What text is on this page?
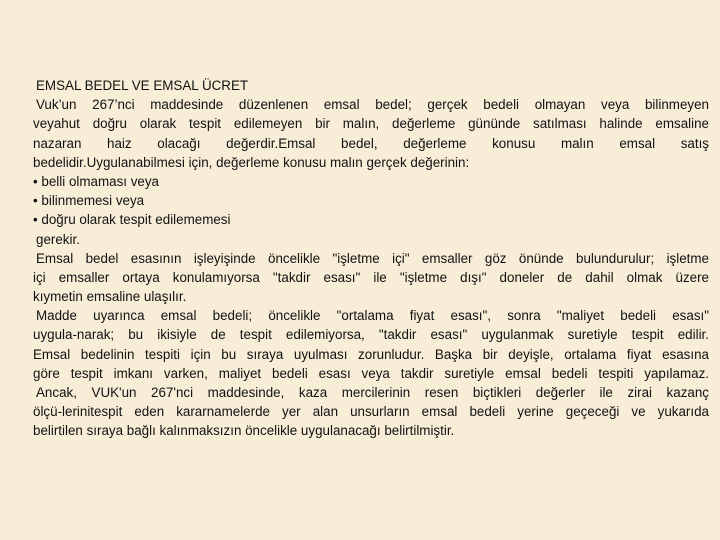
EMSAL BEDEL VE EMSAL ÜCRET
Vuk’un 267’nci maddesinde düzenlenen emsal bedel; gerçek bedeli olmayan veya bilinmeyen
veyahut doğru olarak tespit edilemeyen bir malın, değerleme gününde satılması halinde emsaline
nazaran haiz olacağı değerdir.Emsal bedel, değerleme konusu malın emsal satış
bedelidir.Uygulanabilmesi için, değerleme konusu malın gerçek değerinin:
• belli olmaması veya
• bilinmemesi veya
• doğru olarak tespit edilememesi
gerekir.
Emsal bedel esasının işleyişinde öncelikle "işletme içi" emsaller göz önünde bulundurulur; işletme
içi emsaller ortaya konulamıyorsa "takdir esası" ile "işletme dışı" doneler de dahil olmak üzere
kıymetin emsaline ulaşılır.
Madde uyarınca emsal bedeli; öncelikle "ortalama fiyat esası", sonra "maliyet bedeli esası"
uygula-narak; bu ikisiyle de tespit edilemiyorsa, "takdir esası" uygulanmak suretiyle tespit edilir.
Emsal bedelinin tespiti için bu sıraya uyulması zorunludur. Başka bir deyişle, ortalama fiyat esasına
göre tespit imkanı varken, maliyet bedeli esası veya takdir suretiyle emsal bedeli tespiti yapılamaz.
Ancak, VUK'un 267'nci maddesinde, kaza mercilerinin resen biçtikleri değerler ile zirai kazanç
ölçü-lerinitespit eden kararnamelerde yer alan unsurların emsal bedeli yerine geçeceği ve yukarıda
belirtilen sıraya bağlı kalınmaksızın öncelikle uygulanacağı belirtilmiştir.
